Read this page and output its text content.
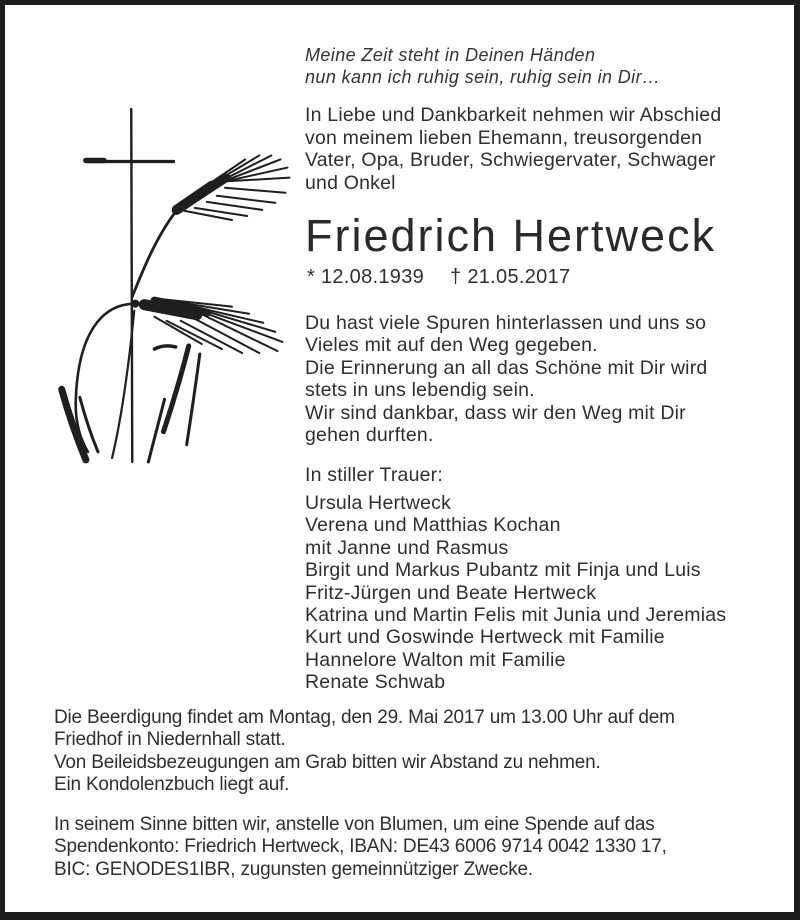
Meine Zeit steht in Deinen Händen
nun kann ich ruhig sein, ruhig sein in Dir…
In Liebe und Dankbarkeit nehmen wir Abschied
von meinem lieben Ehemann, treusorgenden
Vater, Opa, Bruder, Schwiegervater, Schwager
und Onkel
Friedrich Hertweck
* 12.08.1939 † 21.05.2017
Du hast viele Spuren hinterlassen und uns so
Vieles mit auf den Weg gegeben.
Die Erinnerung an all das Schöne mit Dir wird
stets in uns lebendig sein.
Wir sind dankbar, dass wir den Weg mit Dir
gehen durften.
In stiller Trauer:
Ursula Hertweck
Verena und Matthias Kochan
mit Janne und Rasmus
Birgit und Markus Pubantz mit Finja und Luis
Fritz-Jürgen und Beate Hertweck
Katrina und Martin Felis mit Junia und Jeremias
Kurt und Goswinde Hertweck mit Familie
Hannelore Walton mit Familie
Renate Schwab
Die Beerdigung findet am Montag, den 29. Mai 2017 um 13.00 Uhr auf dem
Friedhof in Niedernhall statt.
Von Beileidsbezeugungen am Grab bitten wir Abstand zu nehmen.
Ein Kondolenzbuch liegt auf.
In seinem Sinne bitten wir, anstelle von Blumen, um eine Spende auf das
Spendenkonto: Friedrich Hertweck, IBAN: DE43 6006 9714 0042 1330 17,
BIC: GENODES1IBR, zugunsten gemeinnütziger Zwecke.
